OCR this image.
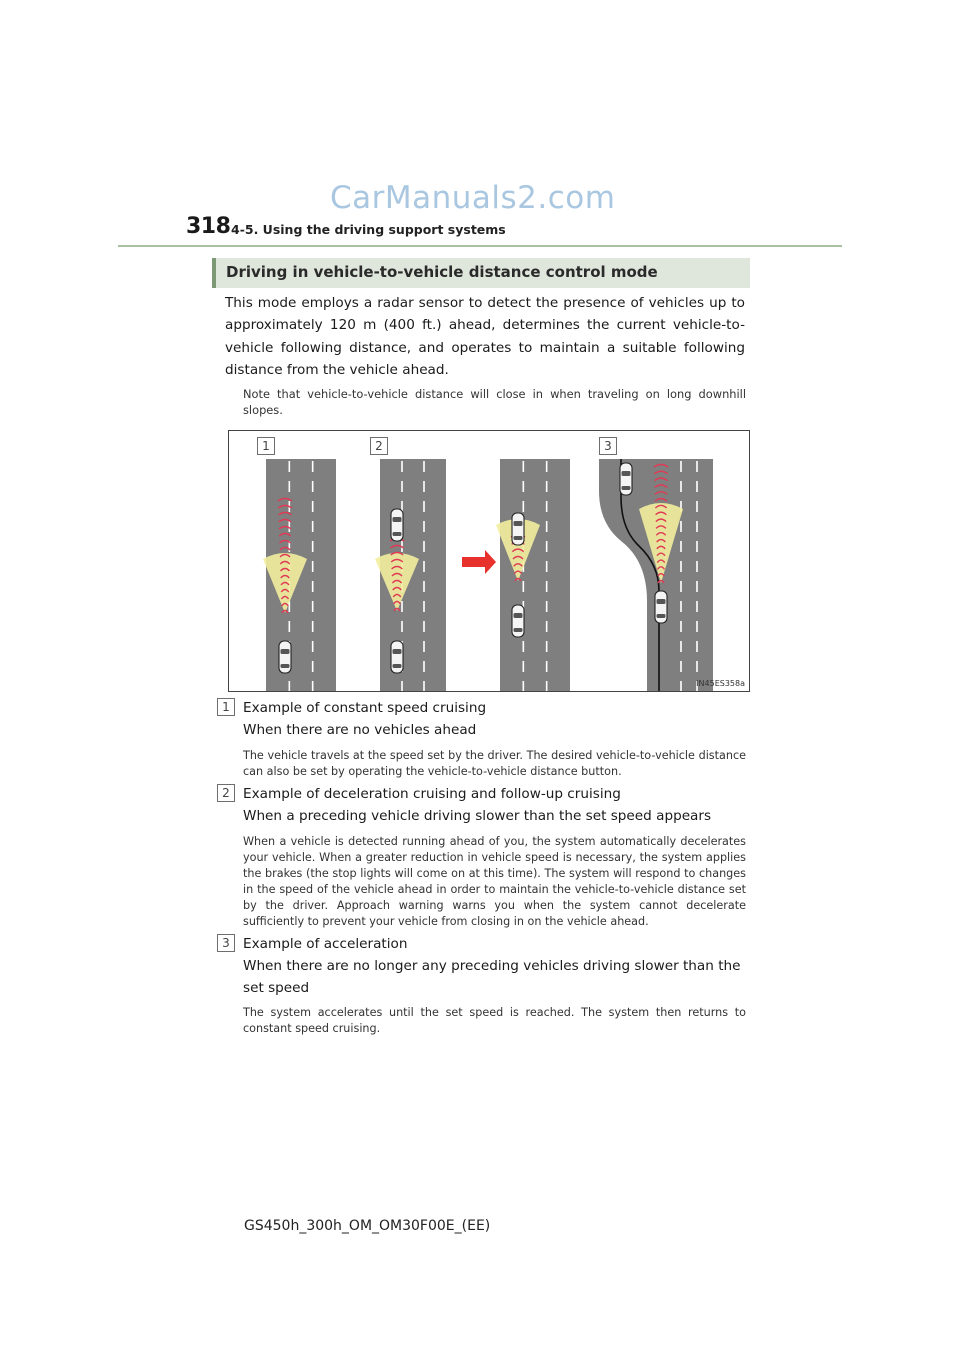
CarManuals2.com
318 4-5. Using the driving support systems
Driving in vehicle-to-vehicle distance control mode
This mode employs a radar sensor to detect the presence of vehicles up to approximately 120 m (400 ft.) ahead, determines the current vehicle-to-vehicle following distance, and operates to maintain a suitable following distance from the vehicle ahead.
Note that vehicle-to-vehicle distance will close in when traveling on long downhill slopes.
1	2	3
IN45ES358a
1 Example of constant speed cruising
When there are no vehicles ahead
The vehicle travels at the speed set by the driver. The desired vehicle-to-vehicle distance can also be set by operating the vehicle-to-vehicle distance button.
2 Example of deceleration cruising and follow-up cruising
When a preceding vehicle driving slower than the set speed appears
When a vehicle is detected running ahead of you, the system automatically decelerates your vehicle. When a greater reduction in vehicle speed is necessary, the system applies the brakes (the stop lights will come on at this time). The system will respond to changes in the speed of the vehicle ahead in order to maintain the vehicle-to-vehicle distance set by the driver. Approach warning warns you when the system cannot decelerate sufficiently to prevent your vehicle from closing in on the vehicle ahead.
3 Example of acceleration
When there are no longer any preceding vehicles driving slower than the set speed
The system accelerates until the set speed is reached. The system then returns to constant speed cruising.
GS450h_300h_OM_OM30F00E_(EE)
